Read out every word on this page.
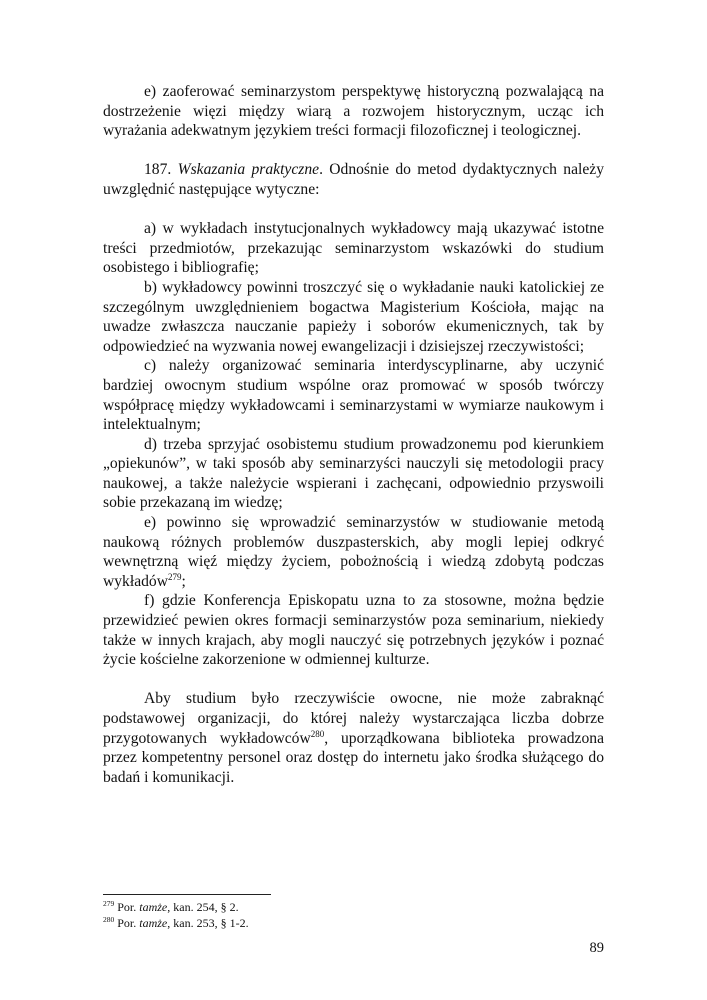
e) zaoferować seminarzystom perspektywę historyczną pozwalającą na dostrzeżenie więzi między wiarą a rozwojem historycznym, ucząc ich wyrażania adekwatnym językiem treści formacji filozoficznej i teologicznej.

187. Wskazania praktyczne. Odnośnie do metod dydaktycznych należy uwzględnić następujące wytyczne:

a) w wykładach instytucjonalnych wykładowcy mają ukazywać istotne treści przedmiotów, przekazując seminarzystom wskazówki do studium osobistego i bibliografię;

b) wykładowcy powinni troszczyć się o wykładanie nauki katolickiej ze szczególnym uwzględnieniem bogactwa Magisterium Kościoła, mając na uwadze zwłaszcza nauczanie papieży i soborów ekumenicznych, tak by odpowiedzieć na wyzwania nowej ewangelizacji i dzisiejszej rzeczywistości;

c) należy organizować seminaria interdyscyplinarne, aby uczynić bardziej owocnym studium wspólne oraz promować w sposób twórczy współpracę między wykładowcami i seminarzystami w wymiarze naukowym i intelektualnym;

d) trzeba sprzyjać osobistemu studium prowadzonemu pod kierunkiem „opiekunów”, w taki sposób aby seminarzyści nauczyli się metodologii pracy naukowej, a także należycie wspierani i zachęcani, odpowiednio przyswoili sobie przekazaną im wiedzę;

e) powinno się wprowadzić seminarzystów w studiowanie metodą naukową różnych problemów duszpasterskich, aby mogli lepiej odkryć wewnętrzną więź między życiem, pobożnością i wiedzą zdobytą podczas wykładów$^{279}$;

f) gdzie Konferencja Episkopatu uzna to za stosowne, można będzie przewidzieć pewien okres formacji seminarzystów poza seminarium, niekiedy także w innych krajach, aby mogli nauczyć się potrzebnych języków i poznać życie kościelne zakorzenione w odmiennej kulturze.

Aby studium było rzeczywiście owocne, nie może zabraknąć podstawowej organizacji, do której należy wystarczająca liczba dobrze przygotowanych wykładowców$^{280}$, uporządkowana biblioteka prowadzona przez kompetentny personel oraz dostęp do internetu jako środka służącego do badań i komunikacji.

$^{279}$ Por. tamże, kan. 254, § 2.
$^{280}$ Por. tamże, kan. 253, § 1-2.
89
